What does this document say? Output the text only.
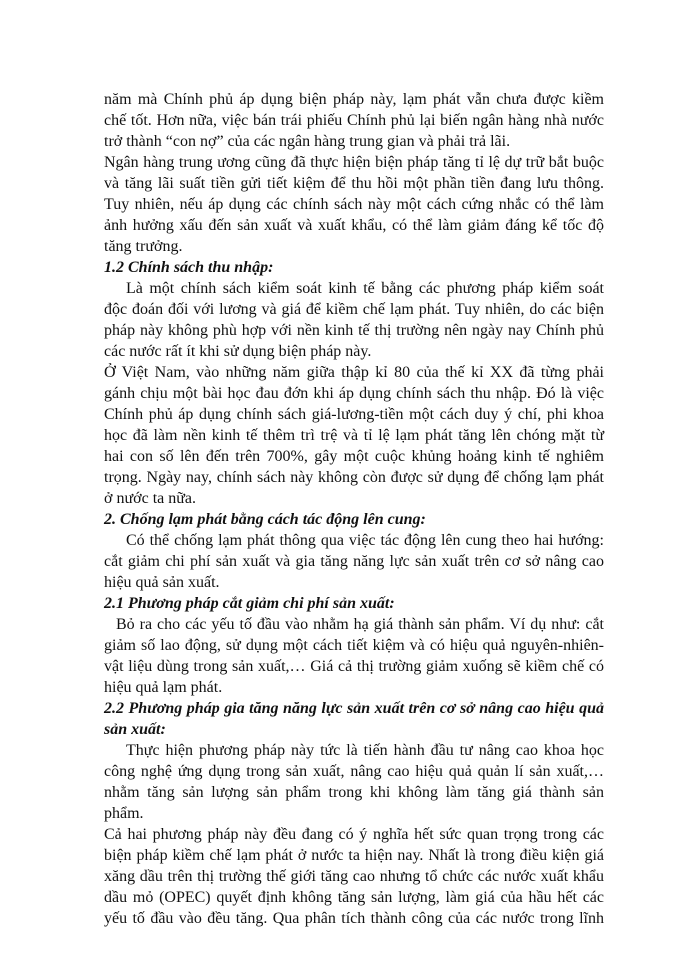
năm mà Chính phủ áp dụng biện pháp này, lạm phát vẫn chưa được kiềm
chế tốt. Hơn nữa, việc bán trái phiếu Chính phủ lại biến ngân hàng nhà nước
trở thành “con nợ” của các ngân hàng trung gian và phải trả lãi.
Ngân hàng trung ương cũng đã thực hiện biện pháp tăng tỉ lệ dự trữ bắt buộc
và tăng lãi suất tiền gửi tiết kiệm để thu hồi một phần tiền đang lưu thông.
Tuy nhiên, nếu áp dụng các chính sách này một cách cứng nhắc có thể làm
ảnh hưởng xấu đến sản xuất và xuất khẩu, có thể làm giảm đáng kể tốc độ
tăng trưởng.
1.2 Chính sách thu nhập:
Là một chính sách kiểm soát kinh tế bằng các phương pháp kiểm soát
độc đoán đối với lương và giá để kiềm chế lạm phát. Tuy nhiên, do các biện
pháp này không phù hợp với nền kinh tế thị trường nên ngày nay Chính phủ
các nước rất ít khi sử dụng biện pháp này.
Ở Việt Nam, vào những năm giữa thập kỉ 80 của thế kỉ XX đã từng phải
gánh chịu một bài học đau đớn khi áp dụng chính sách thu nhập. Đó là việc
Chính phủ áp dụng chính sách giá-lương-tiền một cách duy ý chí, phi khoa
học đã làm nền kinh tế thêm trì trệ và tỉ lệ lạm phát tăng lên chóng mặt từ
hai con số lên đến trên 700%, gây một cuộc khủng hoảng kinh tế nghiêm
trọng. Ngày nay, chính sách này không còn được sử dụng để chống lạm phát
ở nước ta nữa.
2. Chống lạm phát bằng cách tác động lên cung:
Có thể chống lạm phát thông qua việc tác động lên cung theo hai hướng:
cắt giảm chi phí sản xuất và gia tăng năng lực sản xuất trên cơ sở nâng cao
hiệu quả sản xuất.
2.1 Phương pháp cắt giảm chi phí sản xuất:
Bỏ ra cho các yếu tố đầu vào nhằm hạ giá thành sản phẩm. Ví dụ như: cắt
giảm số lao động, sử dụng một cách tiết kiệm và có hiệu quả nguyên-nhiên-
vật liệu dùng trong sản xuất,… Giá cả thị trường giảm xuống sẽ kiềm chế có
hiệu quả lạm phát.
2.2 Phương pháp gia tăng năng lực sản xuất trên cơ sở nâng cao hiệu quả
sản xuất:
Thực hiện phương pháp này tức là tiến hành đầu tư nâng cao khoa học
công nghệ ứng dụng trong sản xuất, nâng cao hiệu quả quản lí sản xuất,…
nhằm tăng sản lượng sản phẩm trong khi không làm tăng giá thành sản
phẩm.
Cả hai phương pháp này đều đang có ý nghĩa hết sức quan trọng trong các
biện pháp kiềm chế lạm phát ở nước ta hiện nay. Nhất là trong điều kiện giá
xăng dầu trên thị trường thế giới tăng cao nhưng tổ chức các nước xuất khẩu
dầu mỏ (OPEC) quyết định không tăng sản lượng, làm giá của hầu hết các
yếu tố đầu vào đều tăng. Qua phân tích thành công của các nước trong lĩnh
